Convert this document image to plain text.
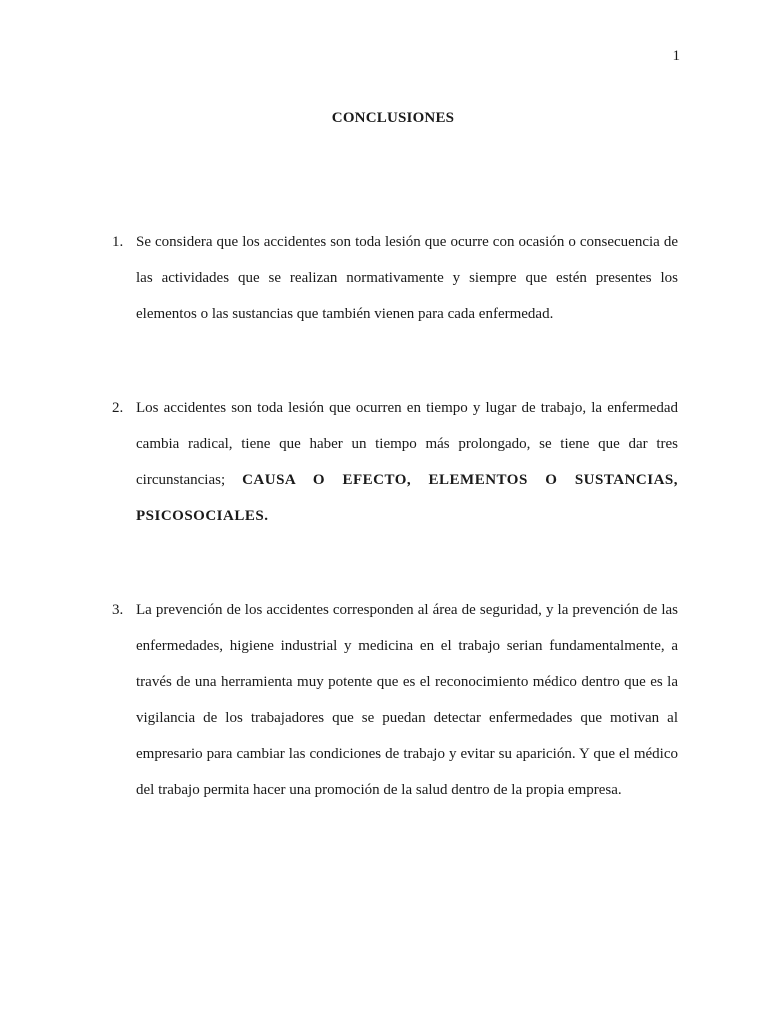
1
CONCLUSIONES
1. Se considera que los accidentes son toda lesión que ocurre con ocasión o consecuencia de las actividades que se realizan normativamente y siempre que estén presentes los elementos o las sustancias que también vienen para cada enfermedad.
2. Los accidentes son toda lesión que ocurren en tiempo y lugar de trabajo, la enfermedad cambia radical, tiene que haber un tiempo más prolongado, se tiene que dar tres circunstancias; CAUSA O EFECTO, ELEMENTOS O SUSTANCIAS, PSICOSOCIALES.
3. La prevención de los accidentes corresponden al área de seguridad, y la prevención de las enfermedades, higiene industrial y medicina en el trabajo serian fundamentalmente, a través de una herramienta muy potente que es el reconocimiento médico dentro que es la vigilancia de los trabajadores que se puedan detectar enfermedades que motivan al empresario para cambiar las condiciones de trabajo y evitar su aparición. Y que el médico del trabajo permita hacer una promoción de la salud dentro de la propia empresa.
